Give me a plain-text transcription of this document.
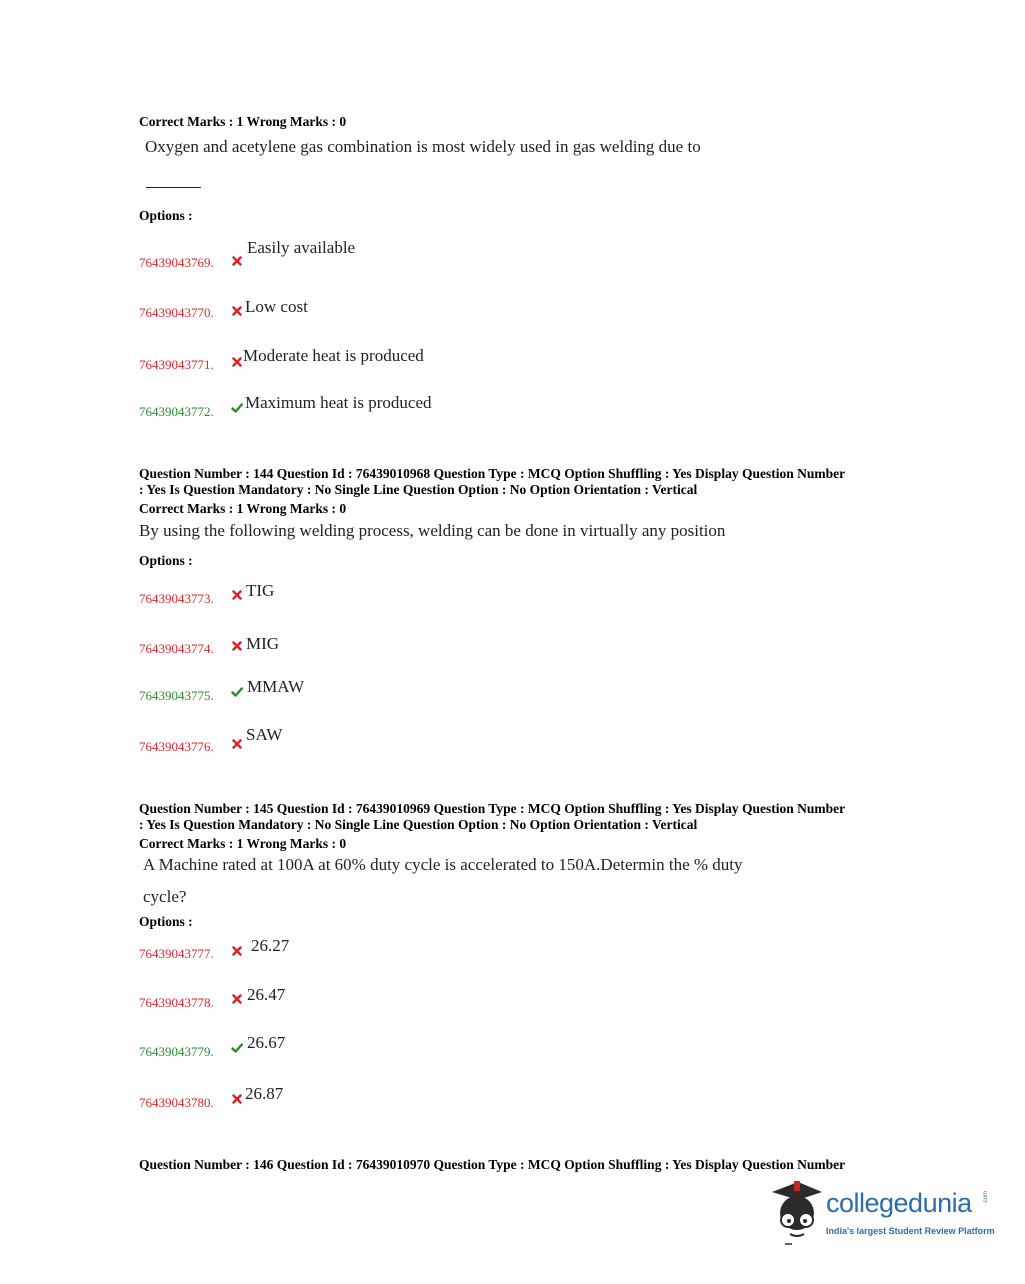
Correct Marks : 1 Wrong Marks : 0
Oxygen and acetylene gas combination is most widely used in gas welding due to
Options :
76439043769.
Easily available
76439043770. Low cost
76439043771. Moderate heat is produced
76439043772. Maximum heat is produced
Question Number : 144 Question Id : 76439010968 Question Type : MCQ Option Shuffling : Yes Display Question Number
: Yes Is Question Mandatory : No Single Line Question Option : No Option Orientation : Vertical
Correct Marks : 1 Wrong Marks : 0
By using the following welding process, welding can be done in virtually any position
Options :
76439043773. TIG
76439043774. MIG
76439043775. MMAW
76439043776.
SAW
Question Number : 145 Question Id : 76439010969 Question Type : MCQ Option Shuffling : Yes Display Question Number
: Yes Is Question Mandatory : No Single Line Question Option : No Option Orientation : Vertical
Correct Marks : 1 Wrong Marks : 0
A Machine rated at 100A at 60% duty cycle is accelerated to 150A.Determin the % duty
cycle?
Options :
76439043777. 26.27
76439043778. 26.47
76439043779. 26.67
76439043780. 26.87
Question Number : 146 Question Id : 76439010970 Question Type : MCQ Option Shuffling : Yes Display Question Number
collegedunia .com
India's largest Student Review Platform
